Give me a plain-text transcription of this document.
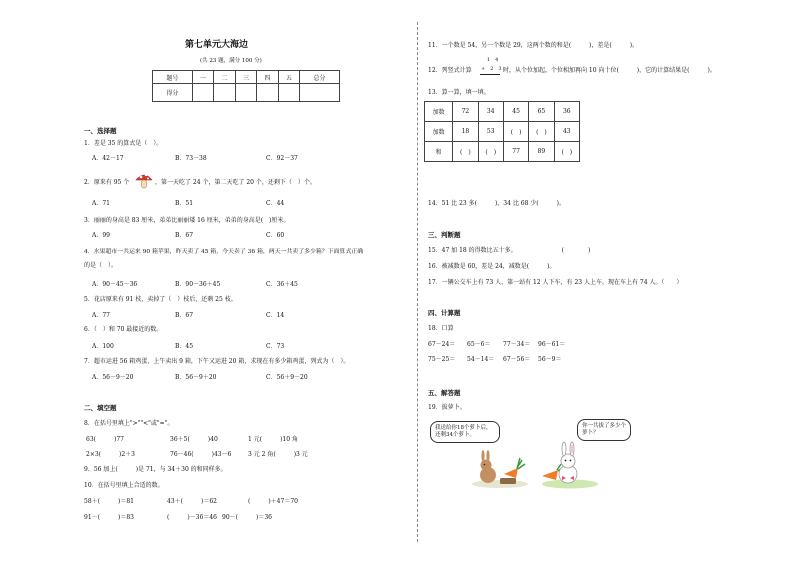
第七单元大海边
(共 23 题，满分 100 分)
题号	一	二	三	四	五	总分
得分						
一、选择题
1．差是 35 的算式是（　）。
A．42－17	B．73－38	C．92－37
2．原来有 95 个	，第一天吃了 24 个，第二天吃了 20 个，还剩下（　）个。
A．71	B．51	C．44
3．丽丽的身高是 83 厘米，弟弟比丽丽矮 16 厘米，弟弟的身高是(　)厘米。
A．99	B．67	C．60
4．水果超市一共运来 90 箱苹果，昨天卖了 45 箱，今天卖了 36 箱，两天一共卖了多少箱？下面算式正确
的是（　）。
A．90－45－36	B．90－36＋45	C．36＋45
5．花店原来有 91 枝，卖掉了（　）枝后，还剩 25 枝。
A．77	B．67	C．14
6．（　）和 70 最接近的数。
A．100	B．45	C．73
7．超市运进 56 箱鸡蛋，上午卖出 9 箱，下午又运进 20 箱，求现在有多少箱鸡蛋，列式为（　）。
A．56－9－20	B．56－9＋20	C．56＋9－20
二、填空题
8．在括号里填上">""<"或"="。
63(　　　)77	36＋5(　　　)40	1 元(　　　)10 角
2×3(　　　)2＋3	76－46(　　　)43－6	3 元 2 角(　　　)3 元
9．56 加上(　　　)是 71，与 34＋30 的和同样多。
10．在括号里填上合适的数。
58＋(　　　)＝81	43＋(　　　)＝62	(　　　)＋47＝70
91－(　　　)＝83	(　　　)－36＝46 90－(　　　)＝36
11．一个数是 54，另一个数是 29，这两个数的和是(　　　)，差是(　　　)。
12．列竖式计算
1　4
+　2　3 时，从个位加起，个位相加再向 10 向十位(　　　)，它的计算结果是(　　　)。
13．算一算，填一填。
加数	72	34	45	65	36
加数	18	53	(　)	(　)	43
和	(　)	(　)	77	89	(　)
14．51 比 23 多(　　　)，34 比 68 少(　　　)。
三、判断题
15．47 加 18 的得数比五十多。　　　　　　　　(　　　　)
16．被减数是 60，差是 24，减数是(　　　)。
17．一辆公交车上有 73 人，第一站有 12 人下车，有 23 人上车，现在车上有 74 人。（　　）
四、计算题
18．口算
67－24＝ 65－6＝ 77－34＝ 96－61＝
75－25＝ 54－14＝ 67－56＝ 56－9＝
五、解答题
19．拔萝卜。
我送给你18个萝卜后，还剩34个萝卜。
你一共拔了多少个萝卜？
